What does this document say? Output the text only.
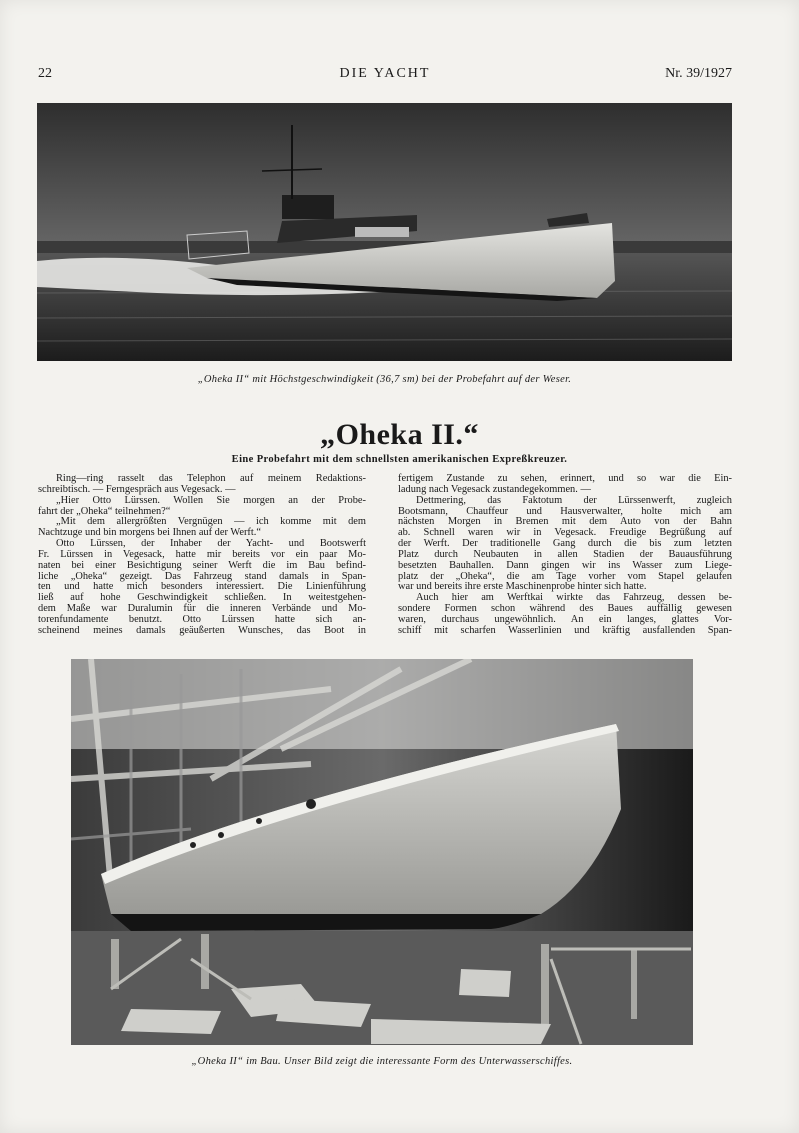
22	DIE YACHT	Nr. 39/1927
„Oheka II“ mit Höchstgeschwindigkeit (36,7 sm) bei der Probefahrt auf der Weser.
„Oheka II.“
Eine Probefahrt mit dem schnellsten amerikanischen Expreßkreuzer.

Ring—ring rasselt das Telephon auf meinem Redaktions-

schreibtisch. — Ferngespräch aus Vegesack. —

„Hier Otto Lürssen. Wollen Sie morgen an der Probe-

fahrt der „Oheka“ teilnehmen?“

„Mit dem allergrößten Vergnügen — ich komme mit dem

Nachtzuge und bin morgens bei Ihnen auf der Werft.“

Otto Lürssen, der Inhaber der Yacht- und Bootswerft

Fr. Lürssen in Vegesack, hatte mir bereits vor ein paar Mo-

naten bei einer Besichtigung seiner Werft die im Bau befind-

liche „Oheka“ gezeigt. Das Fahrzeug stand damals in Span-

ten und hatte mich besonders interessiert. Die Linienführung

ließ auf hohe Geschwindigkeit schließen. In weitestgehen-

dem Maße war Duralumin für die inneren Verbände und Mo-

torenfundamente benutzt. Otto Lürssen hatte sich an-

scheinend meines damals geäußerten Wunsches, das Boot in

fertigem Zustande zu sehen, erinnert, und so war die Ein-

ladung nach Vegesack zustandegekommen. —

Dettmering, das Faktotum der Lürssenwerft, zugleich

Bootsmann, Chauffeur und Hausverwalter, holte mich am

nächsten Morgen in Bremen mit dem Auto von der Bahn

ab. Schnell waren wir in Vegesack. Freudige Begrüßung auf

der Werft. Der traditionelle Gang durch die bis zum letzten

Platz durch Neubauten in allen Stadien der Bauausführung

besetzten Bauhallen. Dann gingen wir ins Wasser zum Liege-

platz der „Oheka“, die am Tage vorher vom Stapel gelaufen

war und bereits ihre erste Maschinenprobe hinter sich hatte.

Auch hier am Werftkai wirkte das Fahrzeug, dessen be-

sondere Formen schon während des Baues auffällig gewesen

waren, durchaus ungewöhnlich. An ein langes, glattes Vor-

schiff mit scharfen Wasserlinien und kräftig ausfallenden Span-

„Oheka II“ im Bau. Unser Bild zeigt die interessante Form des Unterwasserschiffes.
